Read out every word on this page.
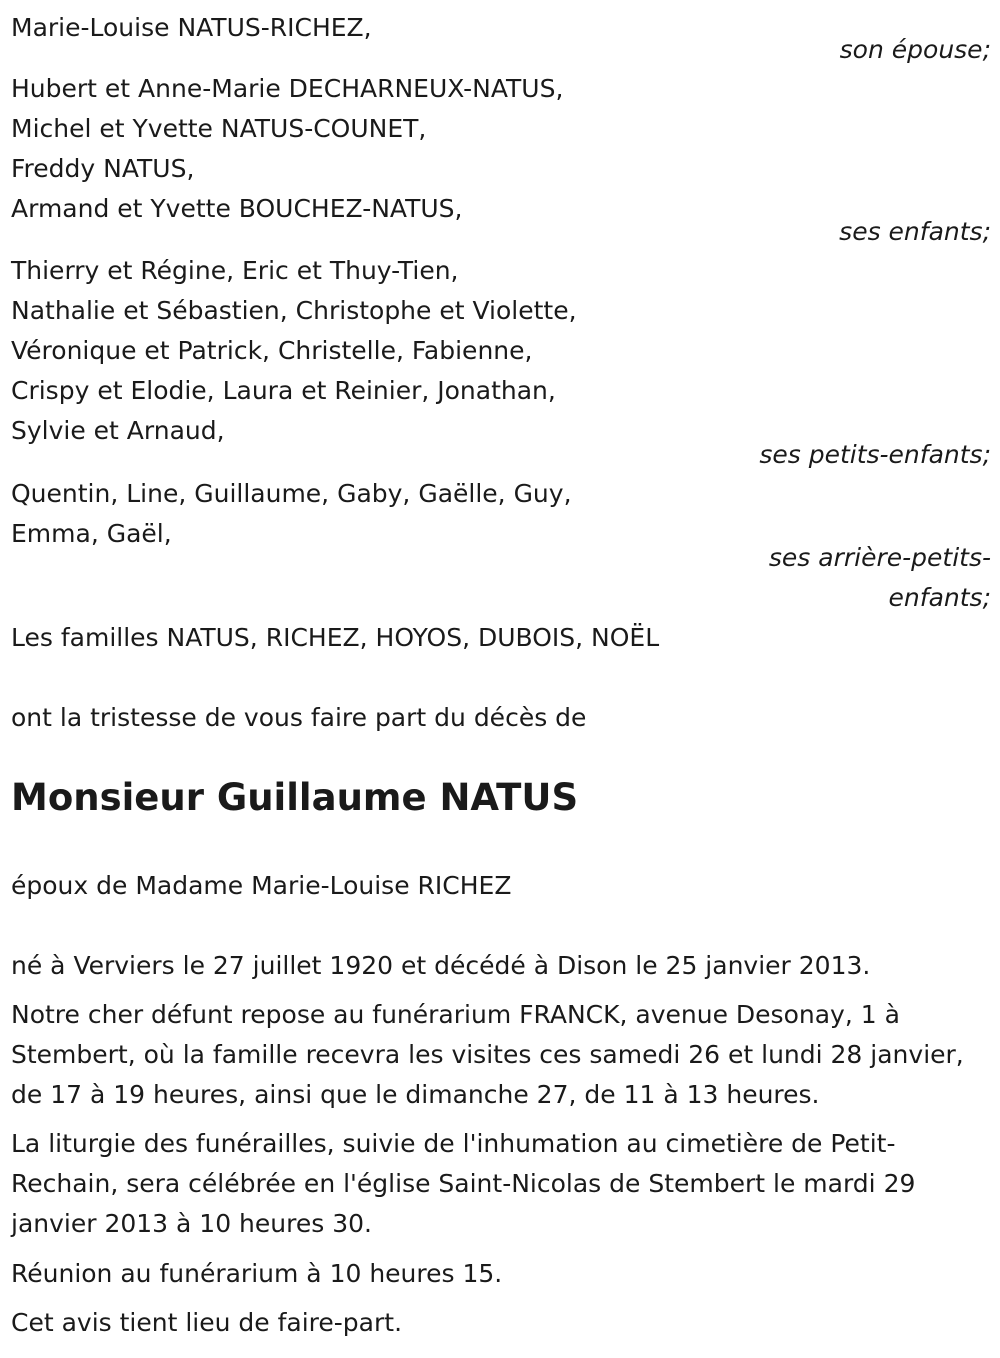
Marie-Louise NATUS-RICHEZ,
son épouse;
Hubert et Anne-Marie DECHARNEUX-NATUS,
Michel et Yvette NATUS-COUNET,
Freddy NATUS,
Armand et Yvette BOUCHEZ-NATUS,
ses enfants;
Thierry et Régine, Eric et Thuy-Tien,
Nathalie et Sébastien, Christophe et Violette,
Véronique et Patrick, Christelle, Fabienne,
Crispy et Elodie, Laura et Reinier, Jonathan,
Sylvie et Arnaud,
ses petits-enfants;
Quentin, Line, Guillaume, Gaby, Gaëlle, Guy,
Emma, Gaël,
ses arrière-petits-
enfants;
Les familles NATUS, RICHEZ, HOYOS, DUBOIS, NOËL
ont la tristesse de vous faire part du décès de
Monsieur Guillaume NATUS
époux de Madame Marie-Louise RICHEZ
né à Verviers le 27 juillet 1920 et décédé à Dison le 25 janvier 2013.
Notre cher défunt repose au funérarium FRANCK, avenue Desonay, 1 à Stembert, où la famille recevra les visites ces samedi 26 et lundi 28 janvier, de 17 à 19 heures, ainsi que le dimanche 27, de 11 à 13 heures.
La liturgie des funérailles, suivie de l'inhumation au cimetière de Petit-Rechain, sera célébrée en l'église Saint-Nicolas de Stembert le mardi 29 janvier 2013 à 10 heures 30.
Réunion au funérarium à 10 heures 15.
Cet avis tient lieu de faire-part.
